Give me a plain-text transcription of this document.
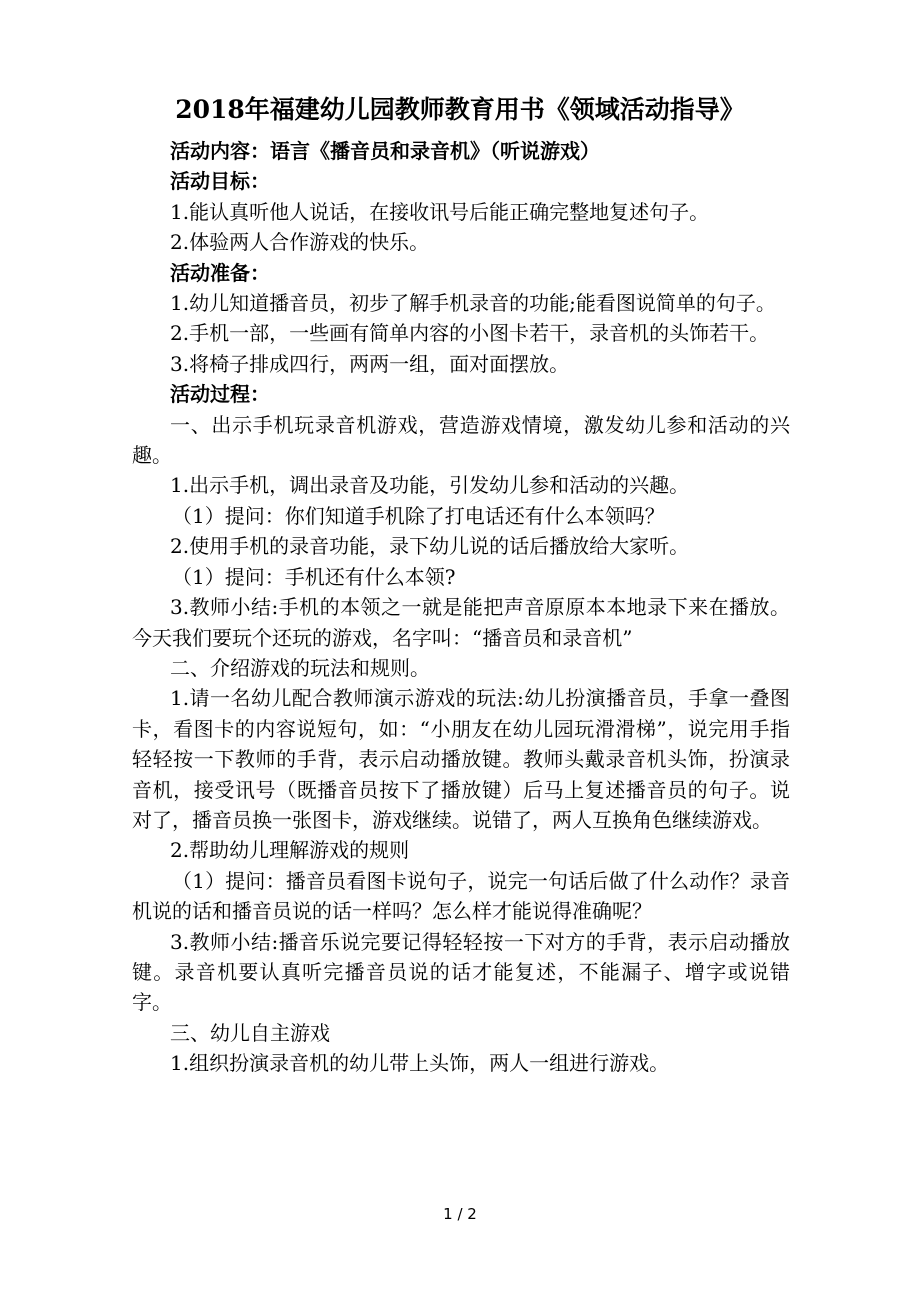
2018年福建幼儿园教师教育用书《领域活动指导》

活动内容：语言《播音员和录音机》（听说游戏）

活动目标：

1.能认真听他人说话，在接收讯号后能正确完整地复述句子。

2.体验两人合作游戏的快乐。

活动准备：

1.幼儿知道播音员，初步了解手机录音的功能;能看图说简单的句子。

2.手机一部，一些画有简单内容的小图卡若干，录音机的头饰若干。

3.将椅子排成四行，两两一组，面对面摆放。

活动过程：

一、出示手机玩录音机游戏，营造游戏情境，激发幼儿参和活动的兴趣。

1.出示手机，调出录音及功能，引发幼儿参和活动的兴趣。

（1）提问：你们知道手机除了打电话还有什么本领吗？

2.使用手机的录音功能，录下幼儿说的话后播放给大家听。

（1）提问：手机还有什么本领?

3.教师小结:手机的本领之一就是能把声音原原本本地录下来在播放。今天我们要玩个还玩的游戏，名字叫：“播音员和录音机”

二、介绍游戏的玩法和规则。

1.请一名幼儿配合教师演示游戏的玩法:幼儿扮演播音员，手拿一叠图卡，看图卡的内容说短句，如：“小朋友在幼儿园玩滑滑梯”，说完用手指轻轻按一下教师的手背，表示启动播放键。教师头戴录音机头饰，扮演录音机，接受讯号（既播音员按下了播放键）后马上复述播音员的句子。说对了，播音员换一张图卡，游戏继续。说错了，两人互换角色继续游戏。

2.帮助幼儿理解游戏的规则

（1）提问：播音员看图卡说句子，说完一句话后做了什么动作？录音机说的话和播音员说的话一样吗？怎么样才能说得准确呢？

3.教师小结:播音乐说完要记得轻轻按一下对方的手背，表示启动播放键。录音机要认真听完播音员说的话才能复述，不能漏子、增字或说错字。

三、幼儿自主游戏

1.组织扮演录音机的幼儿带上头饰，两人一组进行游戏。

1 / 2
